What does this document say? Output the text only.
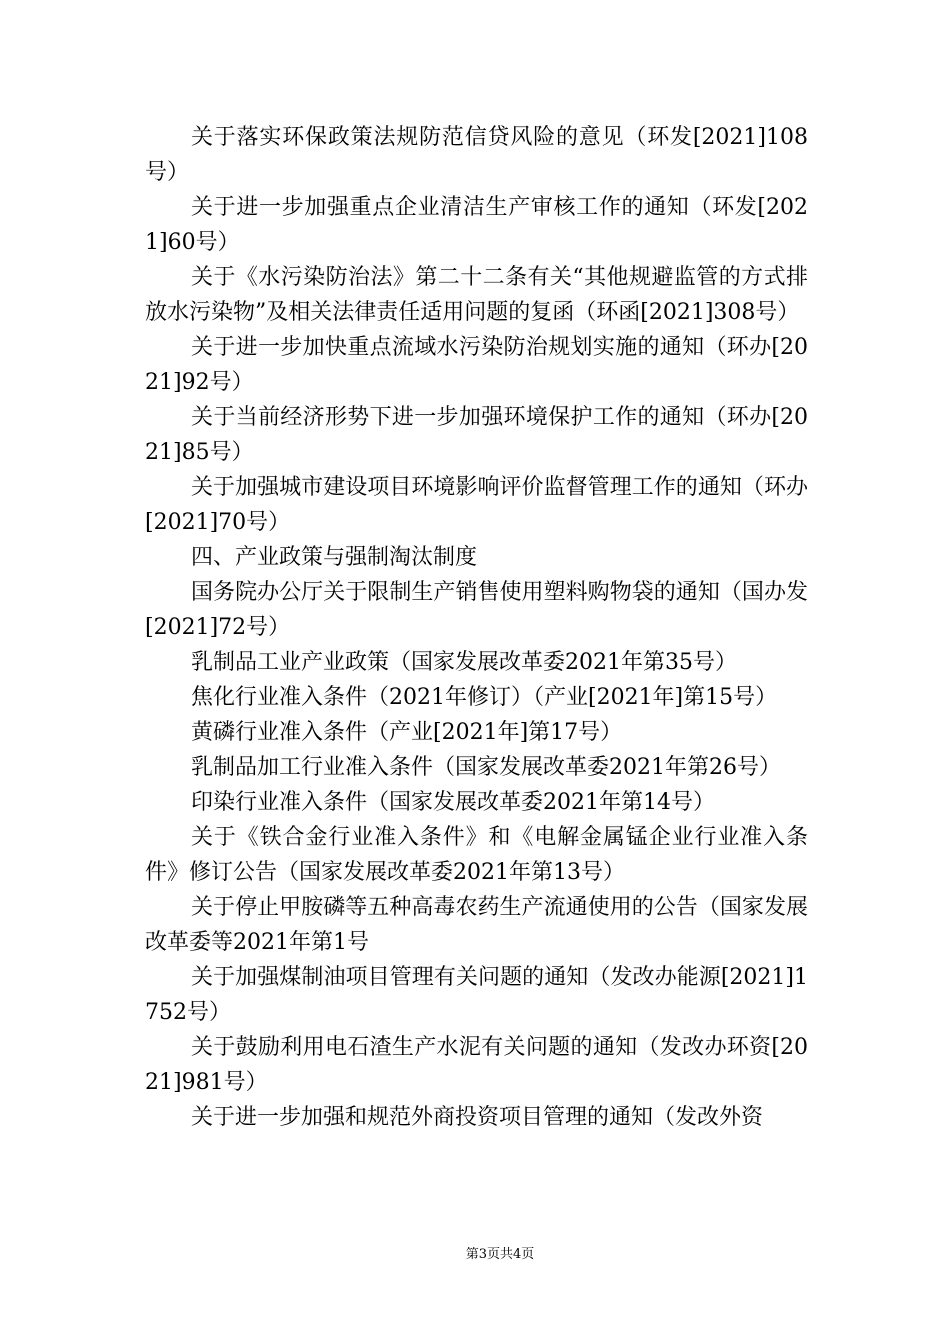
关于落实环保政策法规防范信贷风险的意见（环发[2021]108号）

关于进一步加强重点企业清洁生产审核工作的通知（环发[2021]60号）

关于《水污染防治法》第二十二条有关“其他规避监管的方式排放水污染物”及相关法律责任适用问题的复函（环函[2021]308号）

关于进一步加快重点流域水污染防治规划实施的通知（环办[2021]92号）

关于当前经济形势下进一步加强环境保护工作的通知（环办[2021]85号）

关于加强城市建设项目环境影响评价监督管理工作的通知（环办[2021]70号）

四、产业政策与强制淘汰制度

国务院办公厅关于限制生产销售使用塑料购物袋的通知（国办发[2021]72号）

乳制品工业产业政策（国家发展改革委2021年第35号）

焦化行业准入条件（2021年修订）（产业[2021年]第15号）

黄磷行业准入条件（产业[2021年]第17号）

乳制品加工行业准入条件（国家发展改革委2021年第26号）

印染行业准入条件（国家发展改革委2021年第14号）

关于《铁合金行业准入条件》和《电解金属锰企业行业准入条件》修订公告（国家发展改革委2021年第13号）

关于停止甲胺磷等五种高毒农药生产流通使用的公告（国家发展改革委等2021年第1号

关于加强煤制油项目管理有关问题的通知（发改办能源[2021]1752号）

关于鼓励利用电石渣生产水泥有关问题的通知（发改办环资[2021]981号）

关于进一步加强和规范外商投资项目管理的通知（发改外资

第3页共4页
